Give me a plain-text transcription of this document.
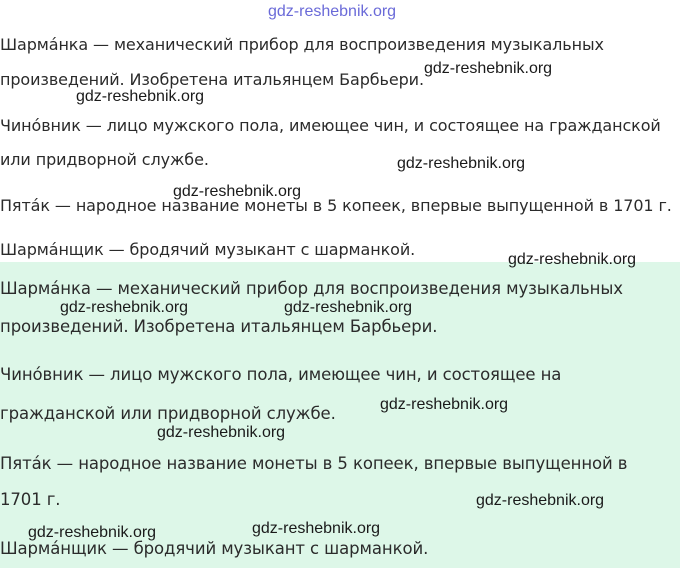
Шармáнка — механический прибор для воспроизведения музыкальных
произведений. Изобретена итальянцем Барбьери.
Чинóвник — лицо мужского пола, имеющее чин, и состоящее на гражданской
или придворной службе.
Пятáк — народное название монеты в 5 копеек, впервые выпущенной в 1701 г.
Шармáнщик — бродячий музыкант с шарманкой.
Шармáнка — механический прибор для воспроизведения музыкальных
произведений. Изобретена итальянцем Барбьери.
Чинóвник — лицо мужского пола, имеющее чин, и состоящее на
гражданской или придворной службе.
Пятáк — народное название монеты в 5 копеек, впервые выпущенной в
1701 г.
Шармáнщик — бродячий музыкант с шарманкой.
gdz-reshebnik.org
gdz-reshebnik.org
gdz-reshebnik.org
gdz-reshebnik.org
gdz-reshebnik.org
gdz-reshebnik.org
gdz-reshebnik.org	gdz-reshebnik.org
gdz-reshebnik.org
gdz-reshebnik.org
gdz-reshebnik.org
gdz-reshebnik.org
gdz-reshebnik.org
